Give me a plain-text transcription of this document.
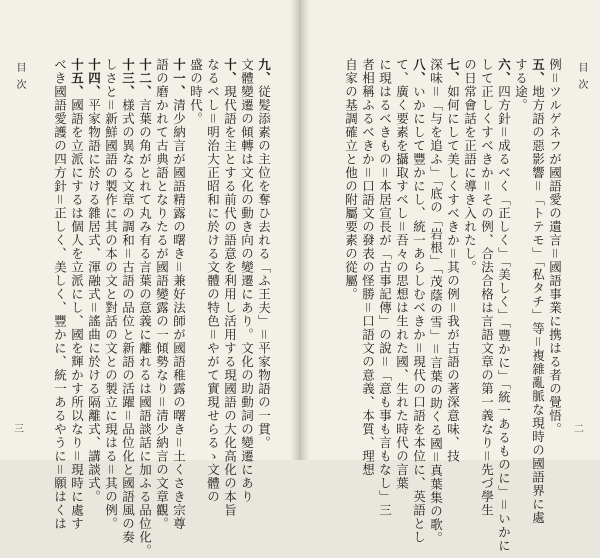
目 次
三
九、従髪添素の主位を奪ひ去れる「ふ王夫」＝平家物語の一貫。
文體變遷の傾轉は文化の動き向の變遷にあり。文化の助動詞の變遷にあり
十、現代語を主とする前代の語意を利用し活用する現國語の大化高化の本旨
なるべし＝明治大正昭和に於ける文體の特色＝やがて實現せらるゝ文體の
盛の時代。
十一、清少納言が國語精露の曙き＝兼好法師が國語稚露の曙き＝土くさき宗尊
語の磨かれて古典語となりたるが國語變露の一傾勢なり＝清少納言の文章觀。
十二、言葉の角がとれて丸み有る言葉の意義に離れるは國語談話に加ふる品位化。
十三、様式の異なる文章の調和＝古語の品位と新語の活躍＝品位化と國語風の奏
しさと＝新鮮國語の製作に其の本の文と對話の文との製立に現はる＝其の例。
十四、平家物語に於ける雜居式、渾融式＝謠曲に於ける隔離式、講談式。
十五、國語を立派にするは個人を立派にし、國を輝かす所以なり＝現時に處す
べき國語愛護の四方針＝正しく、美しく、豐かに、統一あるやうに＝願はくは	目 次
二
例＝ツルゲネフが國語愛の遺言＝國語事業に携はる者の覺悟。
五、地方語の惡影響＝「トテモ」「私タチ」等＝複雜亂脈な現時の國語界に處
する途。
六、四方針＝成るべく「正しく」「美しく」「豐かに」「統一あるものに」＝いかに
して正しくすべきか＝その例、合法合格は言語文章の第一義なり＝先づ學生
の日常會話を正語に導き入れたし。
七、如何にして美しくすべきか＝其の例＝我が古語の著深意味、技
深味＝「与を追ふ」「底の「岩根」「茂蔭の雪」＝言葉の助くる國＝真葉集の歌。
八、いかにして豐かにし、統一あらしむべきか＝現代の口語を本位に、英語とし
て、廣く要素を攝取すべし＝吾々の思想は生れた國、生れた時代の言葉
に現はるべきもの＝本居宣長が「古事記傳」の說＝「意も事も言もなし」三
者相稱ふるべきか＝口語文の發表の怪勝＝口語文の意義、本質、理想
自家の基調確立と他の附屬要素の從屬。
